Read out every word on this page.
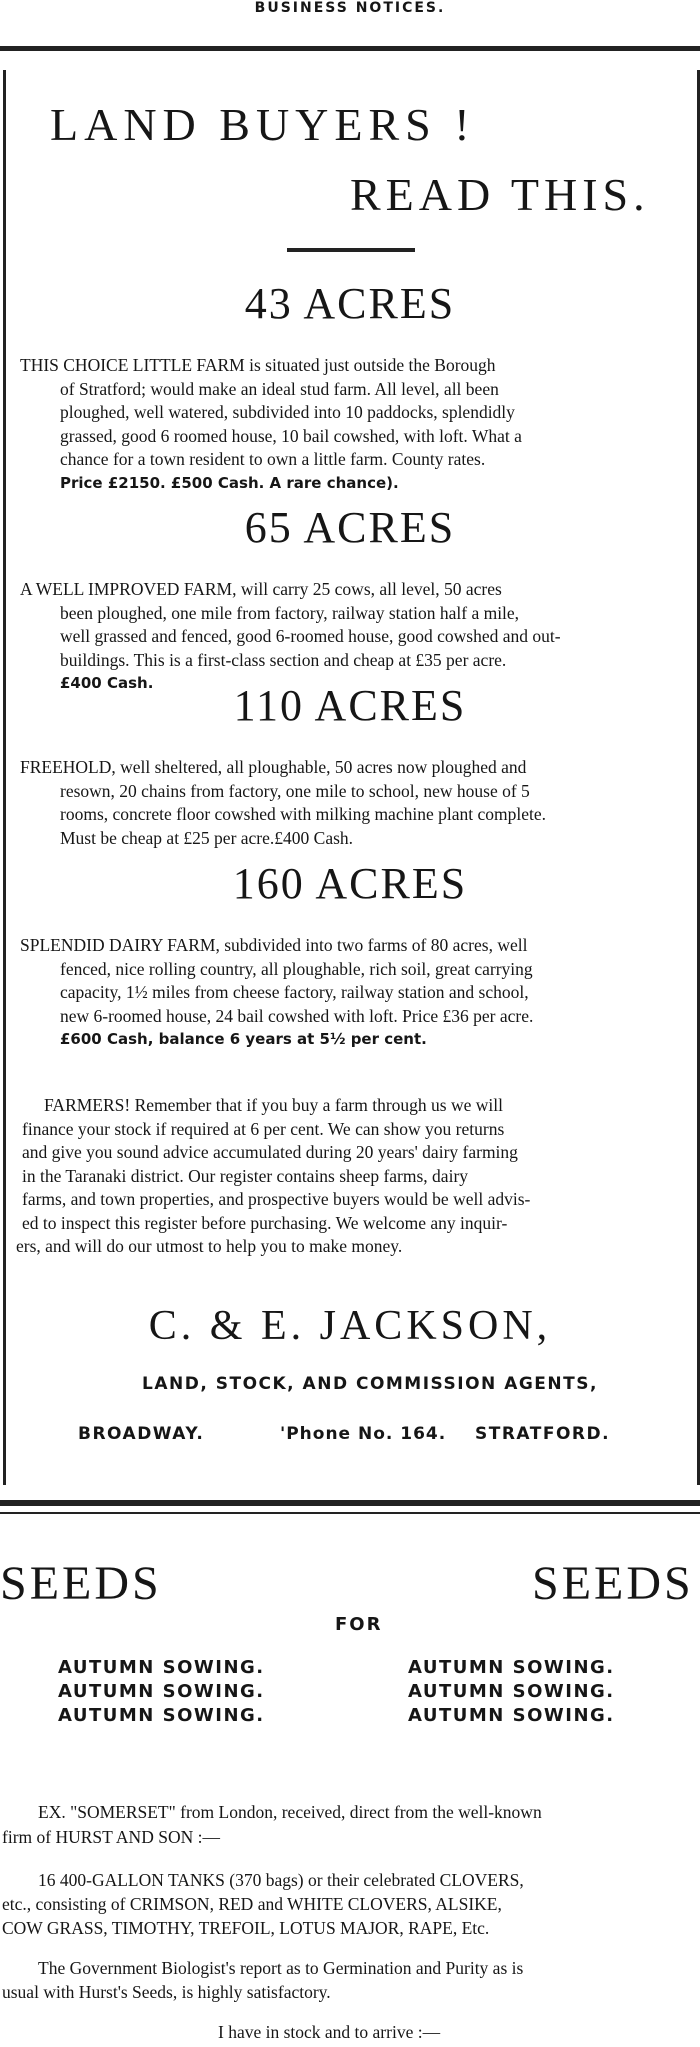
BUSINESS NOTICES.
LAND BUYERS !
READ THIS.
43 ACRES
THIS CHOICE LITTLE FARM is situated just outside the Borough
of Stratford; would make an ideal stud farm. All level, all been
ploughed, well watered, subdivided into 10 paddocks, splendidly
grassed, good 6 roomed house, 10 bail cowshed, with loft. What a
chance for a town resident to own a little farm. County rates.
Price £2150. £500 Cash. A rare chance).
65 ACRES
A WELL IMPROVED FARM, will carry 25 cows, all level, 50 acres
been ploughed, one mile from factory, railway station half a mile,
well grassed and fenced, good 6-roomed house, good cowshed and out-
buildings. This is a first-class section and cheap at £35 per acre.
£400 Cash.	110 ACRES
FREEHOLD, well sheltered, all ploughable, 50 acres now ploughed and
resown, 20 chains from factory, one mile to school, new house of 5
rooms, concrete floor cowshed with milking machine plant complete.
Must be cheap at £25 per acre.£400 Cash.
160 ACRES
SPLENDID DAIRY FARM, subdivided into two farms of 80 acres, well
fenced, nice rolling country, all ploughable, rich soil, great carrying
capacity, 1½ miles from cheese factory, railway station and school,
new 6-roomed house, 24 bail cowshed with loft. Price £36 per acre.
£600 Cash, balance 6 years at 5½ per cent.
FARMERS! Remember that if you buy a farm through us we will
finance your stock if required at 6 per cent. We can show you returns
and give you sound advice accumulated during 20 years' dairy farming
in the Taranaki district. Our register contains sheep farms, dairy
farms, and town properties, and prospective buyers would be well advis-
ed to inspect this register before purchasing. We welcome any inquir-
ers, and will do our utmost to help you to make money.
C. & E. JACKSON,
LAND, STOCK, AND COMMISSION AGENTS,
BROADWAY.	'Phone No. 164. STRATFORD.
SEEDS	SEEDS
FOR
AUTUMN SOWING.
AUTUMN SOWING.
AUTUMN SOWING.
AUTUMN SOWING.
AUTUMN SOWING.
AUTUMN SOWING.
EX. "SOMERSET" from London, received, direct from the well-known
firm of HURST AND SON :—
16 400-GALLON TANKS (370 bags) or their celebrated CLOVERS,
etc., consisting of CRIMSON, RED and WHITE CLOVERS, ALSIKE,
COW GRASS, TIMOTHY, TREFOIL, LOTUS MAJOR, RAPE, Etc.
The Government Biologist's report as to Germination and Purity as is
usual with Hurst's Seeds, is highly satisfactory.
I have in stock and to arrive :—
